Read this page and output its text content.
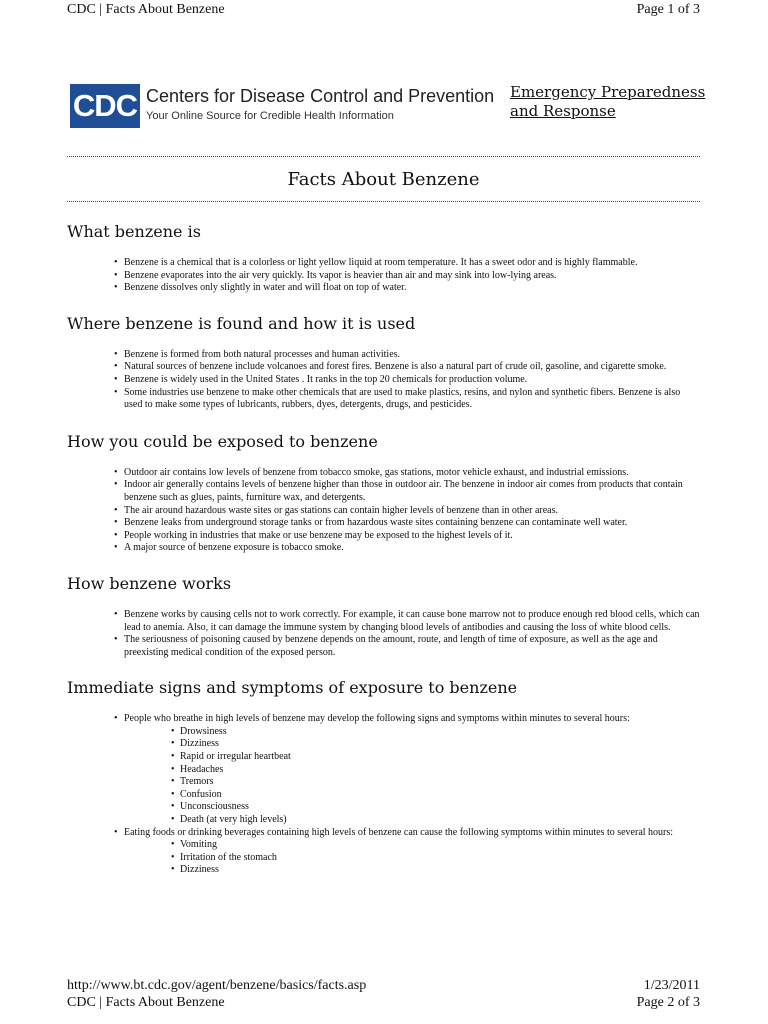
CDC | Facts About Benzene	Page 1 of 3
CDC Centers for Disease Control and Prevention
Your Online Source for Credible Health Information
Emergency Preparedness and Response
Facts About Benzene
What benzene is
• Benzene is a chemical that is a colorless or light yellow liquid at room temperature. It has a sweet odor and is highly flammable.
• Benzene evaporates into the air very quickly. Its vapor is heavier than air and may sink into low-lying areas.
• Benzene dissolves only slightly in water and will float on top of water.
Where benzene is found and how it is used
• Benzene is formed from both natural processes and human activities.
• Natural sources of benzene include volcanoes and forest fires. Benzene is also a natural part of crude oil, gasoline, and cigarette smoke.
• Benzene is widely used in the United States . It ranks in the top 20 chemicals for production volume.
• Some industries use benzene to make other chemicals that are used to make plastics, resins, and nylon and synthetic fibers. Benzene is also used to make some types of lubricants, rubbers, dyes, detergents, drugs, and pesticides.
How you could be exposed to benzene
• Outdoor air contains low levels of benzene from tobacco smoke, gas stations, motor vehicle exhaust, and industrial emissions.
• Indoor air generally contains levels of benzene higher than those in outdoor air. The benzene in indoor air comes from products that contain benzene such as glues, paints, furniture wax, and detergents.
• The air around hazardous waste sites or gas stations can contain higher levels of benzene than in other areas.
• Benzene leaks from underground storage tanks or from hazardous waste sites containing benzene can contaminate well water.
• People working in industries that make or use benzene may be exposed to the highest levels of it.
• A major source of benzene exposure is tobacco smoke.
How benzene works
• Benzene works by causing cells not to work correctly. For example, it can cause bone marrow not to produce enough red blood cells, which can lead to anemia. Also, it can damage the immune system by changing blood levels of antibodies and causing the loss of white blood cells.
• The seriousness of poisoning caused by benzene depends on the amount, route, and length of time of exposure, as well as the age and preexisting medical condition of the exposed person.
Immediate signs and symptoms of exposure to benzene
• People who breathe in high levels of benzene may develop the following signs and symptoms within minutes to several hours:
• Drowsiness
• Dizziness
• Rapid or irregular heartbeat
• Headaches
• Tremors
• Confusion
• Unconsciousness
• Death (at very high levels)
• Eating foods or drinking beverages containing high levels of benzene can cause the following symptoms within minutes to several hours:
• Vomiting
• Irritation of the stomach
• Dizziness
http://www.bt.cdc.gov/agent/benzene/basics/facts.asp	1/23/2011
CDC | Facts About Benzene	Page 2 of 3
